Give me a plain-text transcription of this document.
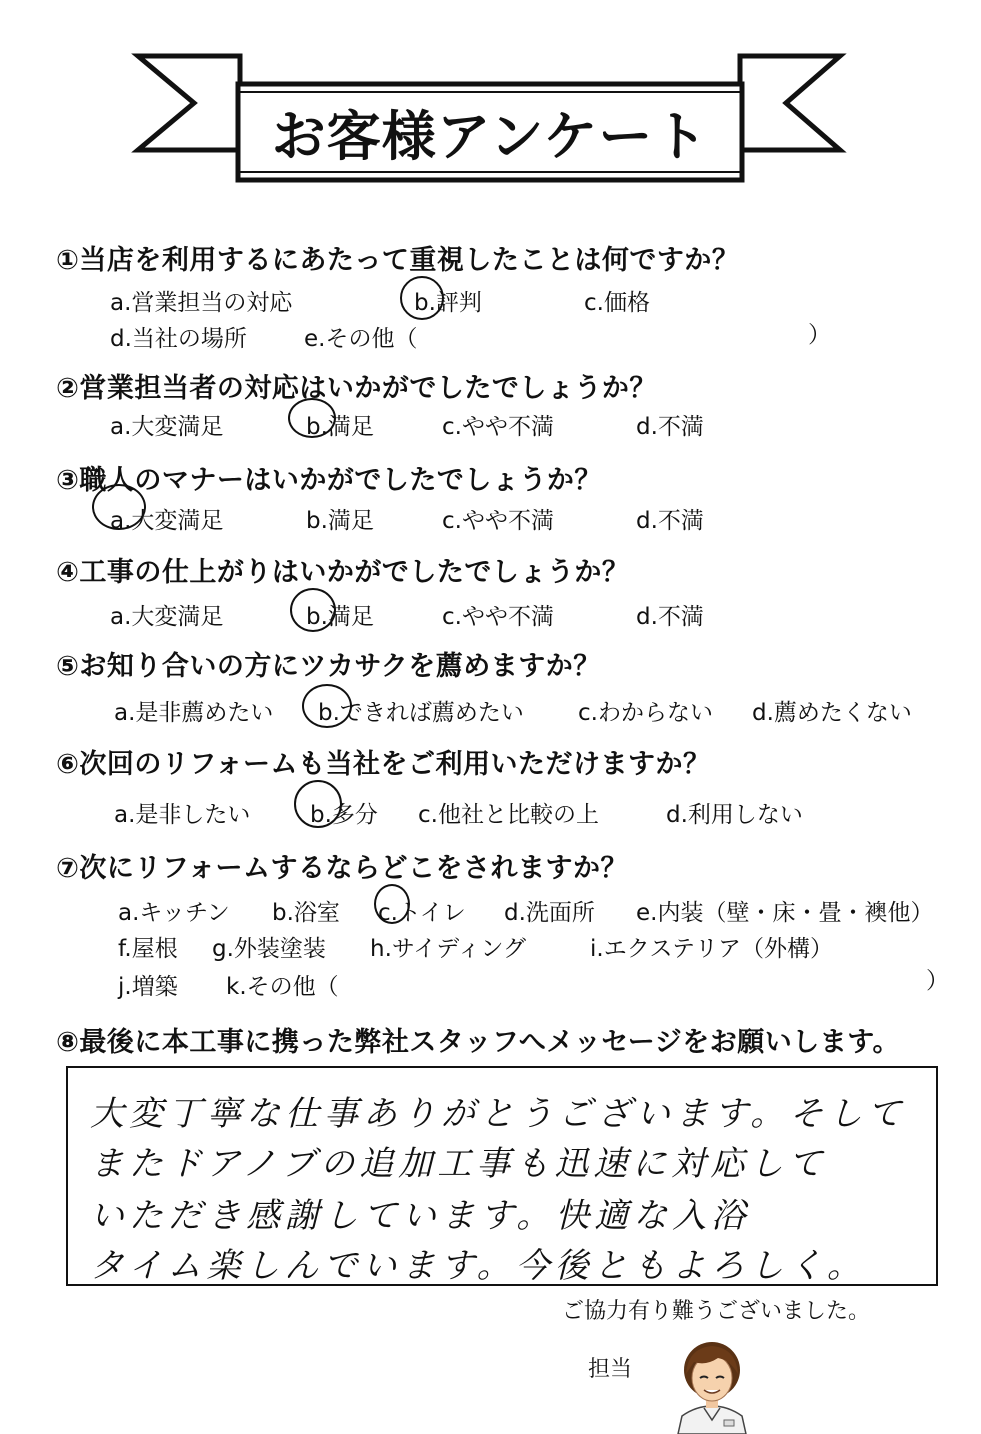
お客様アンケート
①当店を利用するにあたって重視したことは何ですか？
a.営業担当の対応	b.評判	c.価格
d.当社の場所 e.その他（	）
②営業担当者の対応はいかがでしたでしょうか？
a.大変満足	b.満足	c.やや不満	d.不満
③職人のマナーはいかがでしたでしょうか？
a.大変満足	b.満足	c.やや不満	d.不満
④工事の仕上がりはいかがでしたでしょうか？
a.大変満足	b.満足	c.やや不満	d.不満
⑤お知り合いの方にツカサクを薦めますか？
a.是非薦めたい b.できれば薦めたい c.わからない d.薦めたくない
⑥次回のリフォームも当社をご利用いただけますか？
a.是非したい	b.多分 c.他社と比較の上	d.利用しない
⑦次にリフォームするならどこをされますか？
a.キッチン b.浴室 c.トイレ d.洗面所 e.内装（壁・床・畳・襖他）
f.屋根 g.外装塗装 h.サイディング	i.エクステリア（外構）
j.増築 k.その他（	）
⑧最後に本工事に携った弊社スタッフへメッセージをお願いします。
大変丁寧な仕事ありがとうございます。そして
またドアノブの追加工事も迅速に対応して
いただき感謝しています。快適な入浴
タイム楽しんでいます。今後ともよろしく。
ご協力有り難うございました。
担当
